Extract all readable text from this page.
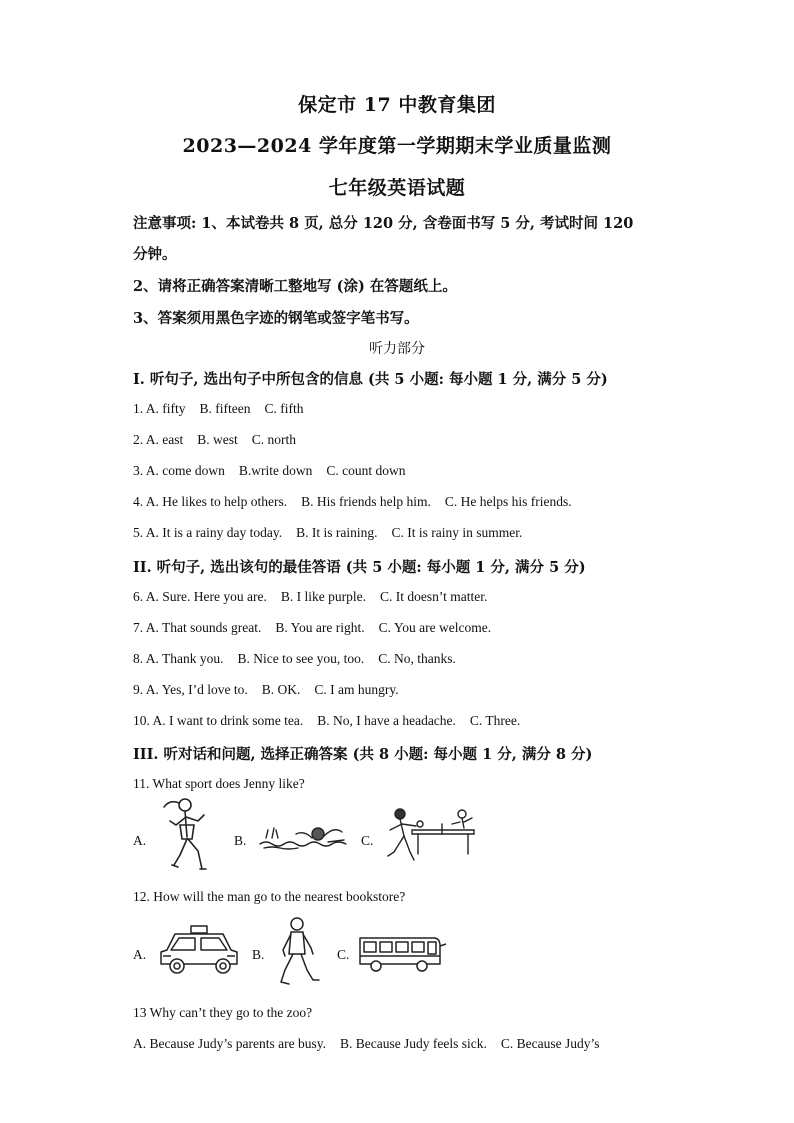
保定市 17 中教育集团
2023—2024 学年度第一学期期末学业质量监测
七年级英语试题
注意事项: 1、本试卷共 8 页, 总分 120 分, 含卷面书写 5 分, 考试时间 120
分钟。
2、请将正确答案清晰工整地写 (涂) 在答题纸上。
3、答案须用黑色字迹的钢笔或签字笔书写。
听力部分
I. 听句子, 选出句子中所包含的信息 (共 5 小题: 每小题 1 分, 满分 5 分)
1. A. fifty B. fifteen C. fifth
2. A. east B. west C. north
3. A. come down B.write down C. count down
4. A. He likes to help others. B. His friends help him. C. He helps his friends.
5. A. It is a rainy day today. B. It is raining. C. It is rainy in summer.
II. 听句子, 选出该句的最佳答语 (共 5 小题: 每小题 1 分, 满分 5 分)
6. A. Sure. Here you are. B. I like purple. C. It doesn’t matter.
7. A. That sounds great. B. You are right. C. You are welcome.
8. A. Thank you. B. Nice to see you, too. C. No, thanks.
9. A. Yes, I’d love to. B. OK. C. I am hungry.
10. A. I want to drink some tea. B. No, I have a headache. C. Three.
III. 听对话和问题, 选择正确答案 (共 8 小题: 每小题 1 分, 满分 8 分)
11. What sport does Jenny like?
A.	B.	C.
12. How will the man go to the nearest bookstore?
A.	B.	C.
13 Why can’t they go to the zoo?
A. Because Judy’s parents are busy. B. Because Judy feels sick. C. Because Judy’s
